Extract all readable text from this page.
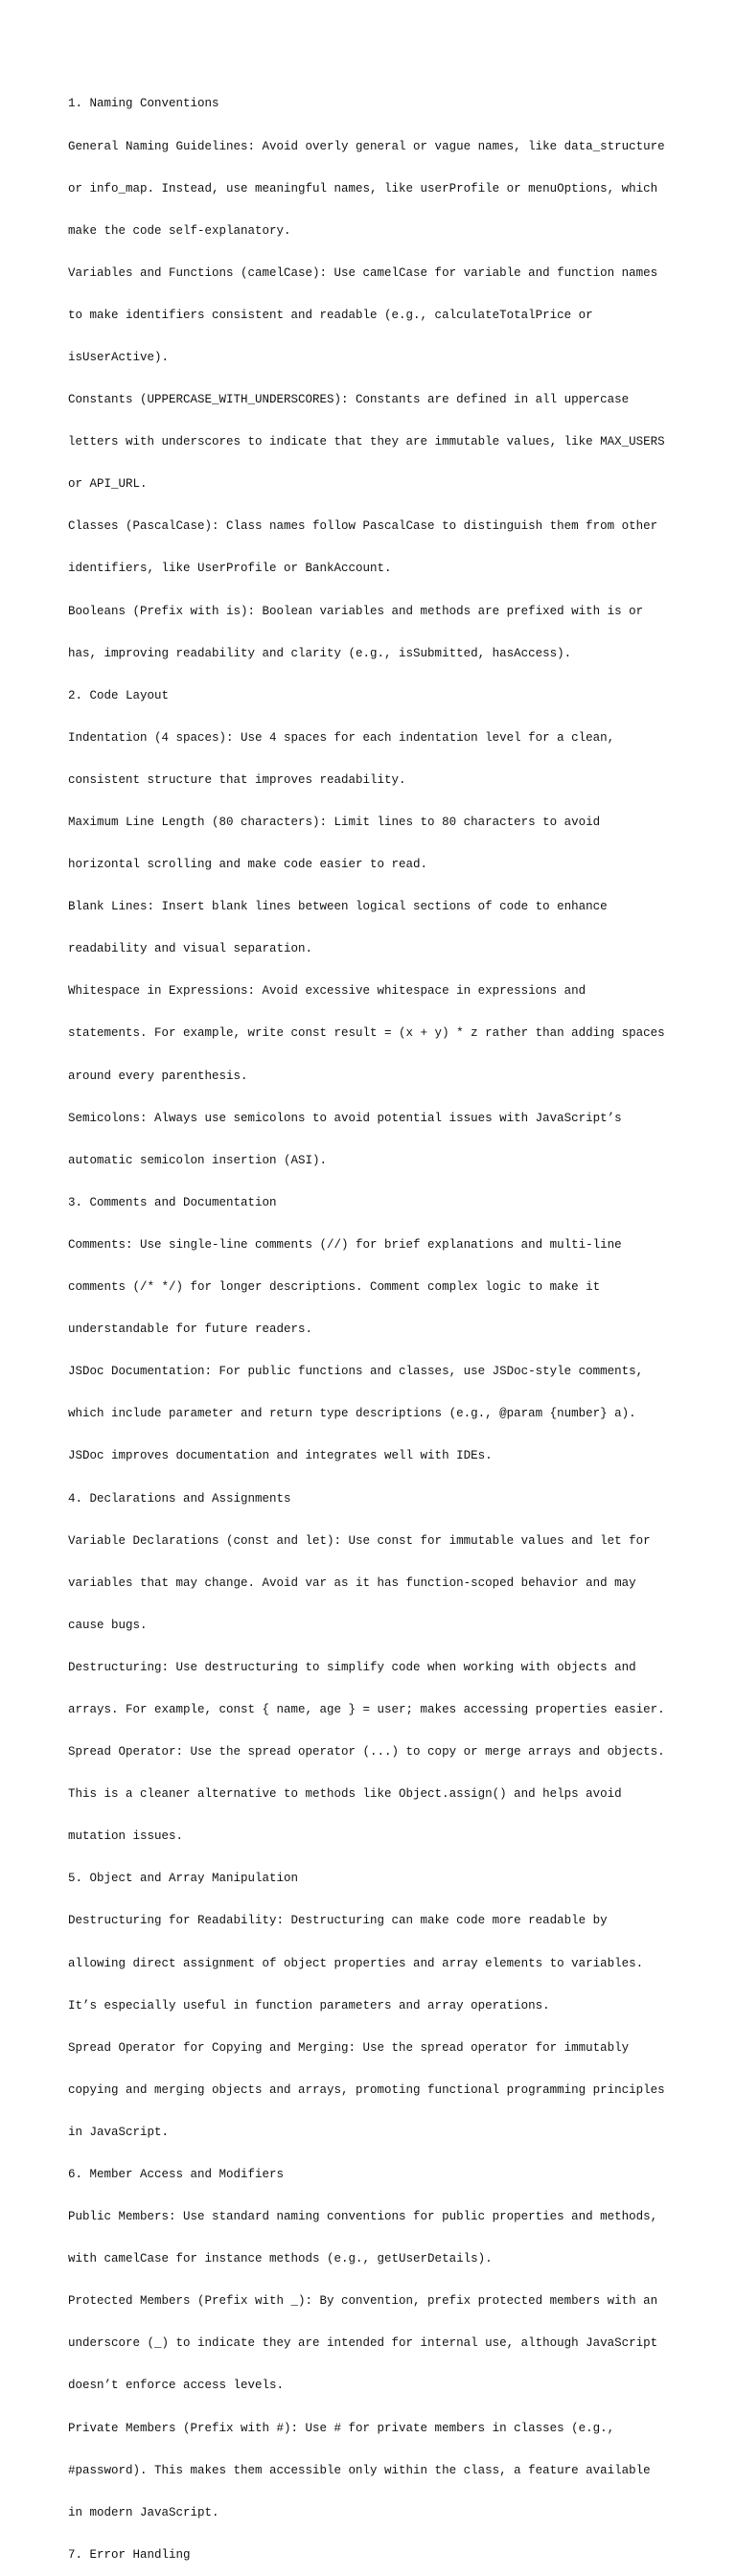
1. Naming Conventions

General Naming Guidelines: Avoid overly general or vague names, like data_structure

or info_map. Instead, use meaningful names, like userProfile or menuOptions, which

make the code self-explanatory.

Variables and Functions (camelCase): Use camelCase for variable and function names

to make identifiers consistent and readable (e.g., calculateTotalPrice or

isUserActive).

Constants (UPPERCASE_WITH_UNDERSCORES): Constants are defined in all uppercase

letters with underscores to indicate that they are immutable values, like MAX_USERS

or API_URL.

Classes (PascalCase): Class names follow PascalCase to distinguish them from other

identifiers, like UserProfile or BankAccount.

Booleans (Prefix with is): Boolean variables and methods are prefixed with is or

has, improving readability and clarity (e.g., isSubmitted, hasAccess).

2. Code Layout

Indentation (4 spaces): Use 4 spaces for each indentation level for a clean,

consistent structure that improves readability.

Maximum Line Length (80 characters): Limit lines to 80 characters to avoid

horizontal scrolling and make code easier to read.

Blank Lines: Insert blank lines between logical sections of code to enhance

readability and visual separation.

Whitespace in Expressions: Avoid excessive whitespace in expressions and

statements. For example, write const result = (x + y) * z rather than adding spaces

around every parenthesis.

Semicolons: Always use semicolons to avoid potential issues with JavaScript’s

automatic semicolon insertion (ASI).

3. Comments and Documentation

Comments: Use single-line comments (//) for brief explanations and multi-line

comments (/* */) for longer descriptions. Comment complex logic to make it

understandable for future readers.

JSDoc Documentation: For public functions and classes, use JSDoc-style comments,

which include parameter and return type descriptions (e.g., @param {number} a).

JSDoc improves documentation and integrates well with IDEs.

4. Declarations and Assignments

Variable Declarations (const and let): Use const for immutable values and let for

variables that may change. Avoid var as it has function-scoped behavior and may

cause bugs.

Destructuring: Use destructuring to simplify code when working with objects and

arrays. For example, const { name, age } = user; makes accessing properties easier.

Spread Operator: Use the spread operator (...) to copy or merge arrays and objects.

This is a cleaner alternative to methods like Object.assign() and helps avoid

mutation issues.

5. Object and Array Manipulation

Destructuring for Readability: Destructuring can make code more readable by

allowing direct assignment of object properties and array elements to variables.

It’s especially useful in function parameters and array operations.

Spread Operator for Copying and Merging: Use the spread operator for immutably

copying and merging objects and arrays, promoting functional programming principles

in JavaScript.

6. Member Access and Modifiers

Public Members: Use standard naming conventions for public properties and methods,

with camelCase for instance methods (e.g., getUserDetails).

Protected Members (Prefix with _): By convention, prefix protected members with an

underscore (_) to indicate they are intended for internal use, although JavaScript

doesn’t enforce access levels.

Private Members (Prefix with #): Use # for private members in classes (e.g.,

#password). This makes them accessible only within the class, a feature available

in modern JavaScript.

7. Error Handling
